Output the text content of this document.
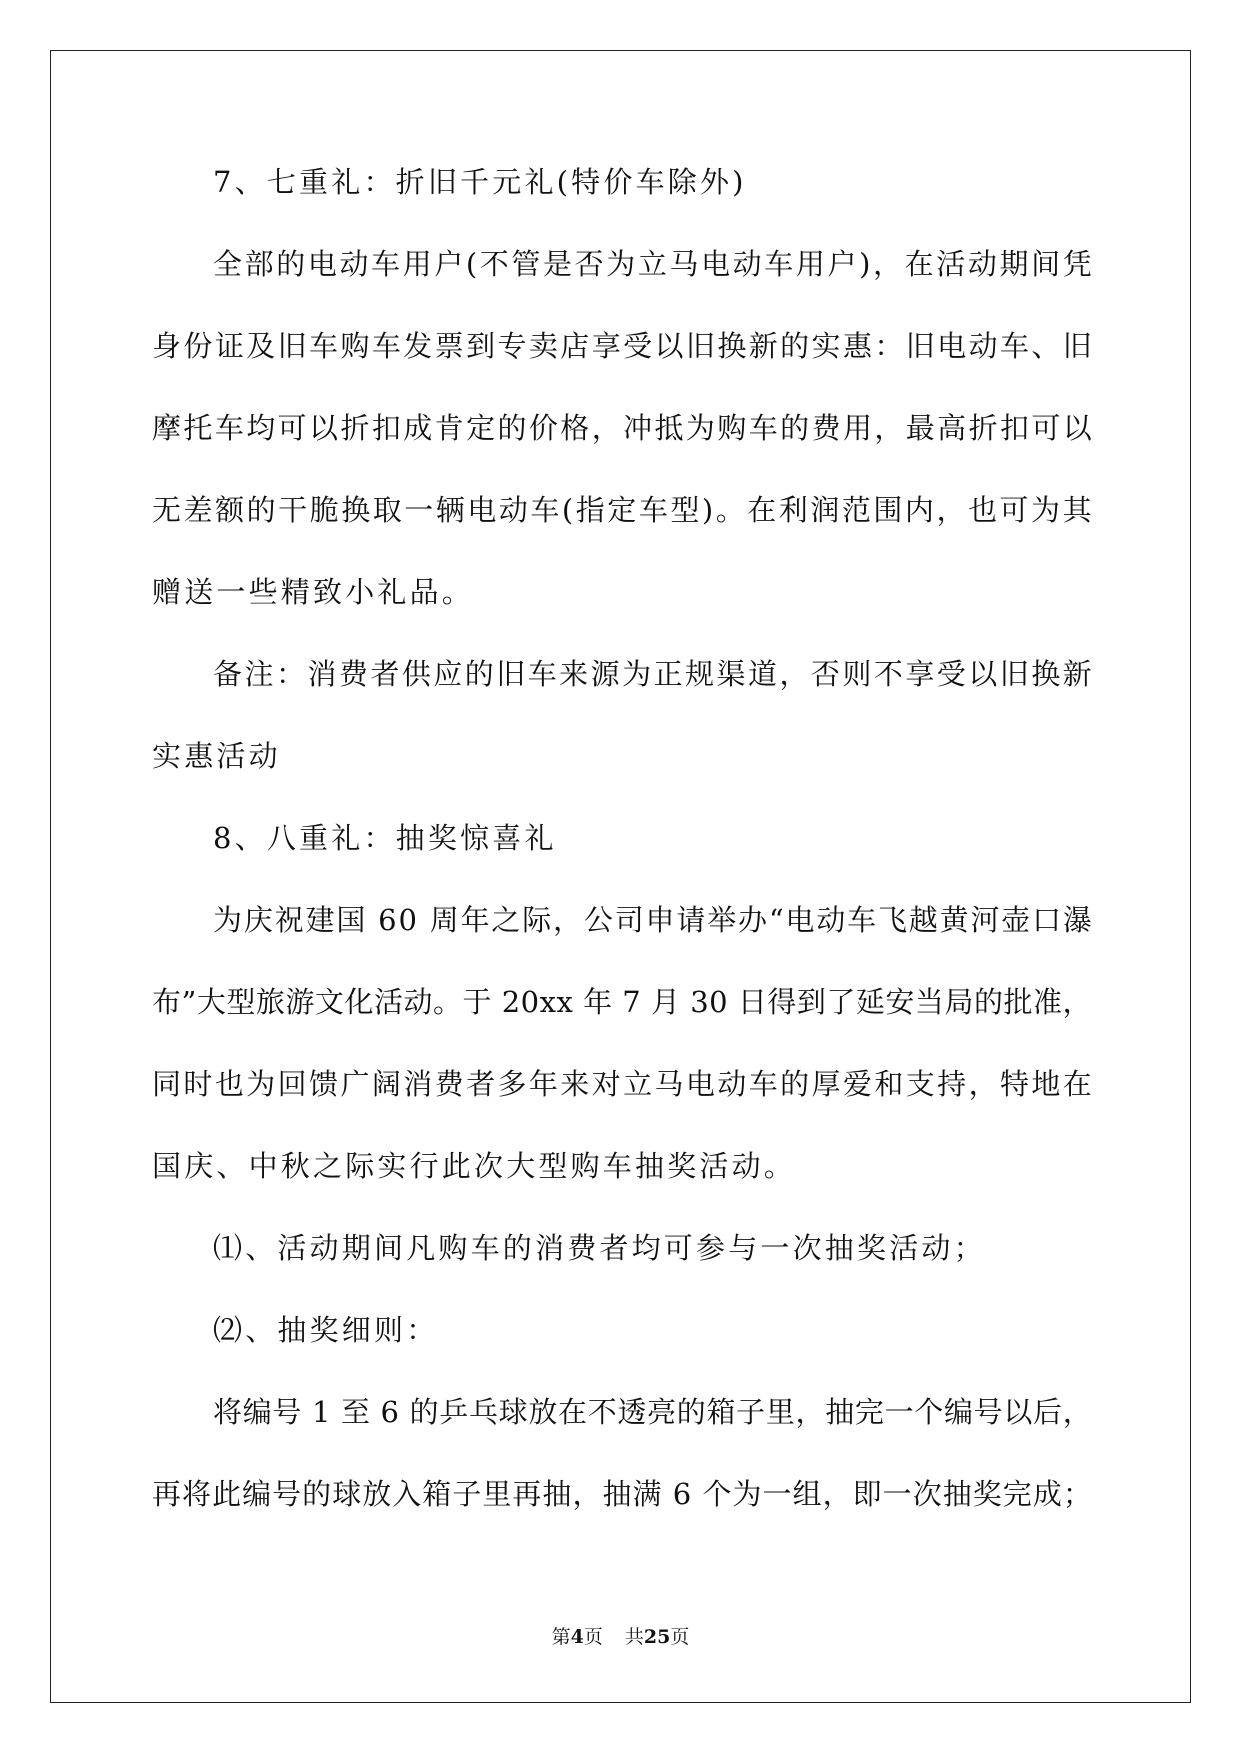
7、七重礼：折旧千元礼(特价车除外)
全 部 的 电 动 车 用 户 ( 不 管 是 否 为 立 马 电 动 车 用 户 ) ， 在 活 动 期 间 凭
身 份 证 及 旧 车 购 车 发 票 到 专 卖 店 享 受 以 旧 换 新 的 实 惠 ： 旧 电 动 车 、 旧
摩 托 车 均 可 以 折 扣 成 肯 定 的 价 格 ， 冲 抵 为 购 车 的 费 用 ， 最 高 折 扣 可 以
无 差 额 的 干 脆 换 取 一 辆 电 动 车 ( 指 定 车 型 ) 。 在 利 润 范 围 内 ， 也 可 为 其
赠送一些精致小礼品。
备 注 ： 消 费 者 供 应 的 旧 车 来 源 为 正 规 渠 道 ， 否 则 不 享 受 以 旧 换 新
实惠活动
8、八重礼：抽奖惊喜礼
为 庆 祝 建 国
6 0
周 年 之 际 ， 公 司 申 请 举 办 “ 电 动 车 飞 越 黄 河 壶 口 瀑
布 ” 大 型 旅 游 文 化 活 动 。 于
2 0 x x
年
7
月
3 0
日 得 到 了 延 安 当 局 的 批 准 ，
同 时 也 为 回 馈 广 阔 消 费 者 多 年 来 对 立 马 电 动 车 的 厚 爱 和 支 持 ， 特 地 在
国庆、中秋之际实行此次大型购车抽奖活动。
⑴、活动期间凡购车的消费者均可参与一次抽奖活动；
⑵、抽奖细则：
将 编 号
1
至
6
的 乒 乓 球 放 在 不 透 亮 的 箱 子 里 ， 抽 完 一 个 编 号 以 后 ，
再 将 此 编 号 的 球 放 入 箱 子 里 再 抽 ， 抽 满
6
个 为 一 组 ， 即 一 次 抽 奖 完 成 ；
第4页 共25页
